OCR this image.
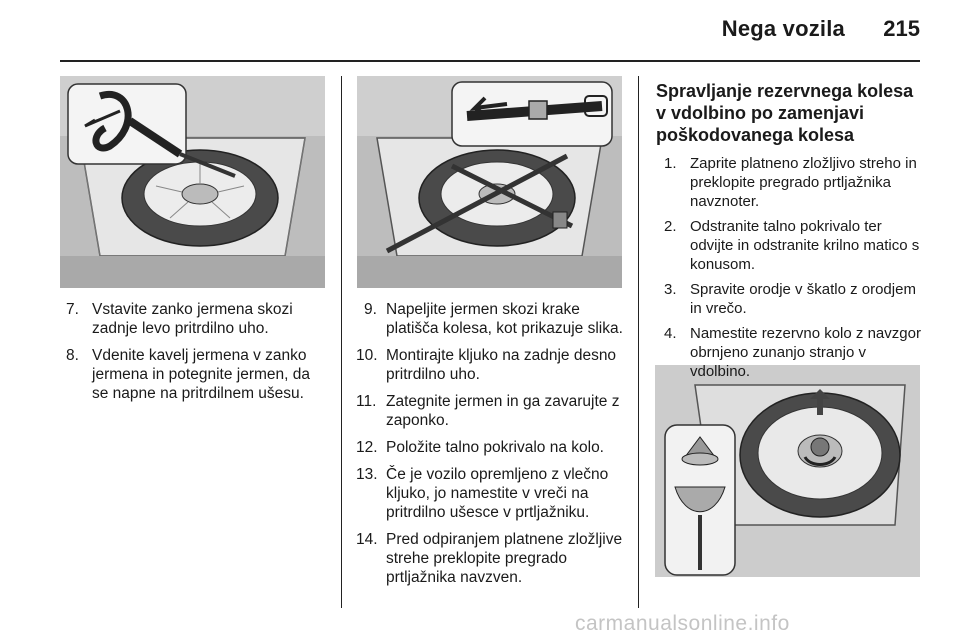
Nega vozila 215
7. Vstavite zanko jermena skozi zadnje levo pritrdilno uho.
8. Vdenite kavelj jermena v zanko jermena in potegnite jermen, da se napne na pritrdilnem ušesu.
9. Napeljite jermen skozi krake platišča kolesa, kot prikazuje slika.
10. Montirajte kljuko na zadnje desno pritrdilno uho.
11. Zategnite jermen in ga zavarujte z zaponko.
12. Položite talno pokrivalo na kolo.
13. Če je vozilo opremljeno z vlečno kljuko, jo namestite v vreči na pritrdilno ušesce v prtljažniku.
14. Pred odpiranjem platnene zložljive strehe preklopite pregrado prtljažnika navzven.
Spravljanje rezervnega kolesa v vdolbino po zamenjavi poškodovanega kolesa
1. Zaprite platneno zložljivo streho in preklopite pregrado prtljažnika navznoter.
2. Odstranite talno pokrivalo ter odvijte in odstranite krilno matico s konusom.
3. Spravite orodje v škatlo z orodjem in vrečo.
4. Namestite rezervno kolo z navzgor obrnjeno zunanjo stranjo v vdolbino.
carmanualsonline.info
